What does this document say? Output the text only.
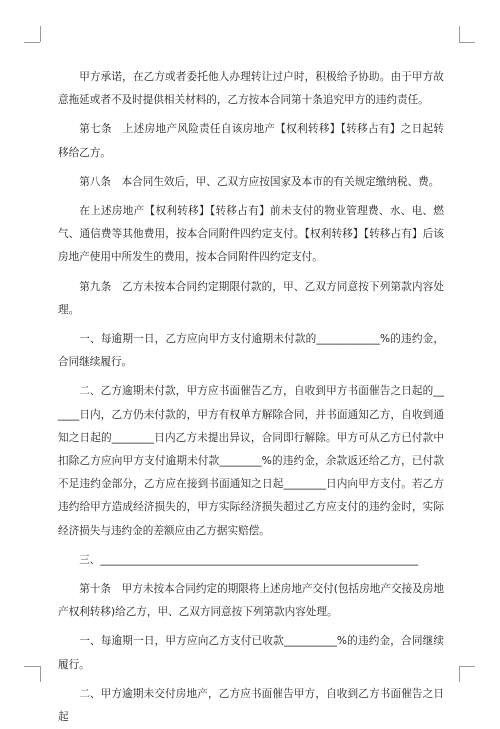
甲方承诺，在乙方或者委托他人办理转让过户时，积极给予协助。由于甲方故意拖延或者不及时提供相关材料的，乙方按本合同第十条追究甲方的违约责任。

第七条　上述房地产风险责任自该房地产【权利转移】【转移占有】之日起转移给乙方。

第八条　本合同生效后，甲、乙双方应按国家及本市的有关规定缴纳税、费。

在上述房地产【权利转移】【转移占有】前未支付的物业管理费、水、电、燃气、通信费等其他费用，按本合同附件四约定支付。【权利转移】【转移占有】后该房地产使用中所发生的费用，按本合同附件四约定支付。

第九条　乙方未按本合同约定期限付款的，甲、乙双方同意按下列第款内容处理。

一、每逾期一日，乙方应向甲方支付逾期未付款的____________%的违约金，合同继续履行。

二、乙方逾期未付款，甲方应书面催告乙方，自收到甲方书面催告之日起的______日内，乙方仍未付款的，甲方有权单方解除合同，并书面通知乙方，自收到通知之日起的________日内乙方未提出异议，合同即行解除。甲方可从乙方已付款中扣除乙方应向甲方支付逾期未付款________%的违约金，余款返还给乙方，已付款不足违约金部分，乙方应在接到书面通知之日起________日内向甲方支付。若乙方违约给甲方造成经济损失的，甲方实际经济损失超过乙方应支付的违约金时，实际经济损失与违约金的差额应由乙方据实赔偿。

三、____________________________________________________________

第十条　甲方未按本合同约定的期限将上述房地产交付(包括房地产交接及房地产权利转移)给乙方，甲、乙双方同意按下列第款内容处理。

一、每逾期一日，甲方应向乙方支付已收款__________%的违约金，合同继续履行。

二、甲方逾期未交付房地产，乙方应书面催告甲方，自收到乙方书面催告之日起
